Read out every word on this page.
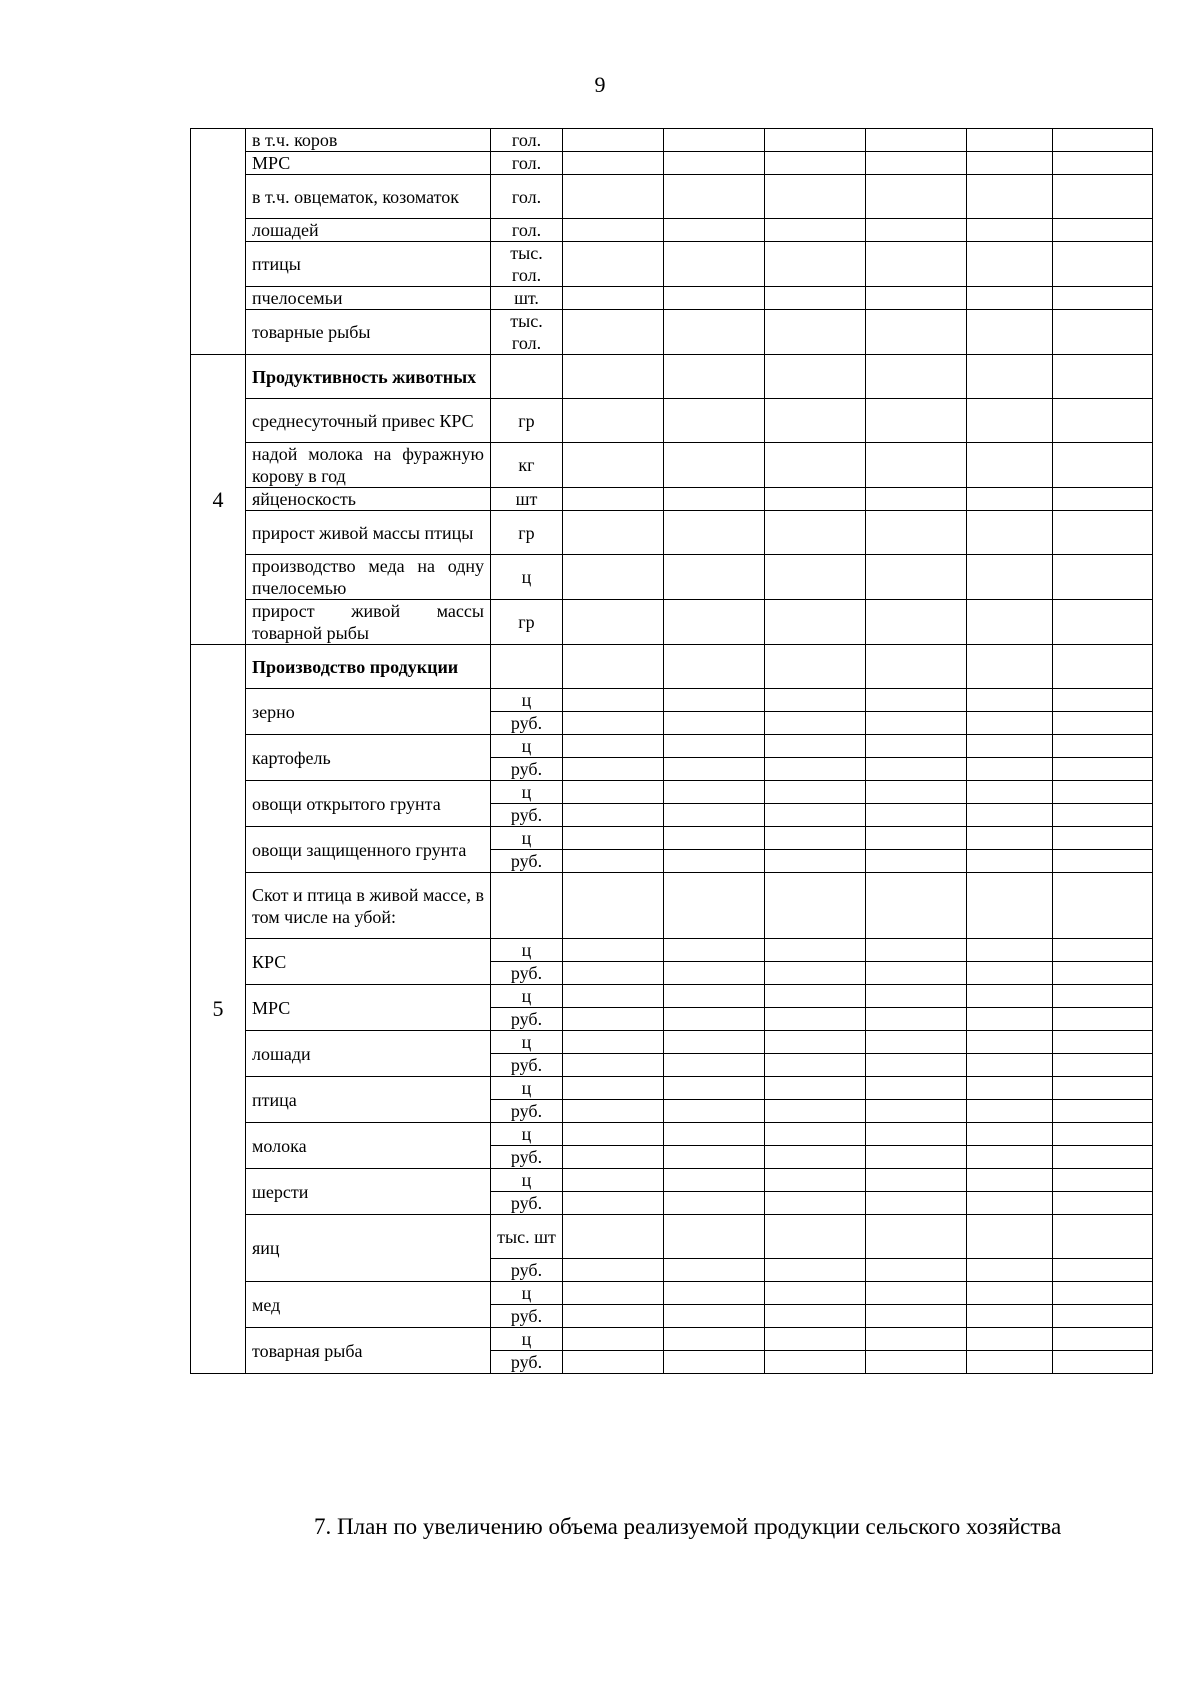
9
	в т.ч. коров	гол.						
	МРС	гол.						
	в т.ч. овцематок, козоматок	гол.						
	лошадей	гол.						
	птицы	тыс. гол.						
	пчелосемьи	шт.						
	товарные рыбы	тыс. гол.						
4	Продуктивность животных							
	среднесуточный привес КРС	гр						
	надой молока на фуражную корову в год	кг						
	яйценоскость	шт						
	прирост живой массы птицы	гр						
	производство меда на одну пчелосемью	ц						
	прирост живой массы товарной рыбы	гр						
5	Производство продукции							
	зерно	ц						
		руб.						
	картофель	ц						
		руб.						
	овощи открытого грунта	ц						
		руб.						
	овощи защищенного грунта	ц						
		руб.						
	Скот и птица в живой массе, в том числе на убой:							
	КРС	ц						
		руб.						
	МРС	ц						
		руб.						
	лошади	ц						
		руб.						
	птица	ц						
		руб.						
	молока	ц						
		руб.						
	шерсти	ц						
		руб.						
	яиц	тыс. шт						
		руб.						
	мед	ц						
		руб.						
	товарная рыба	ц						
		руб.						
7. План по увеличению объема реализуемой продукции сельского хозяйства
